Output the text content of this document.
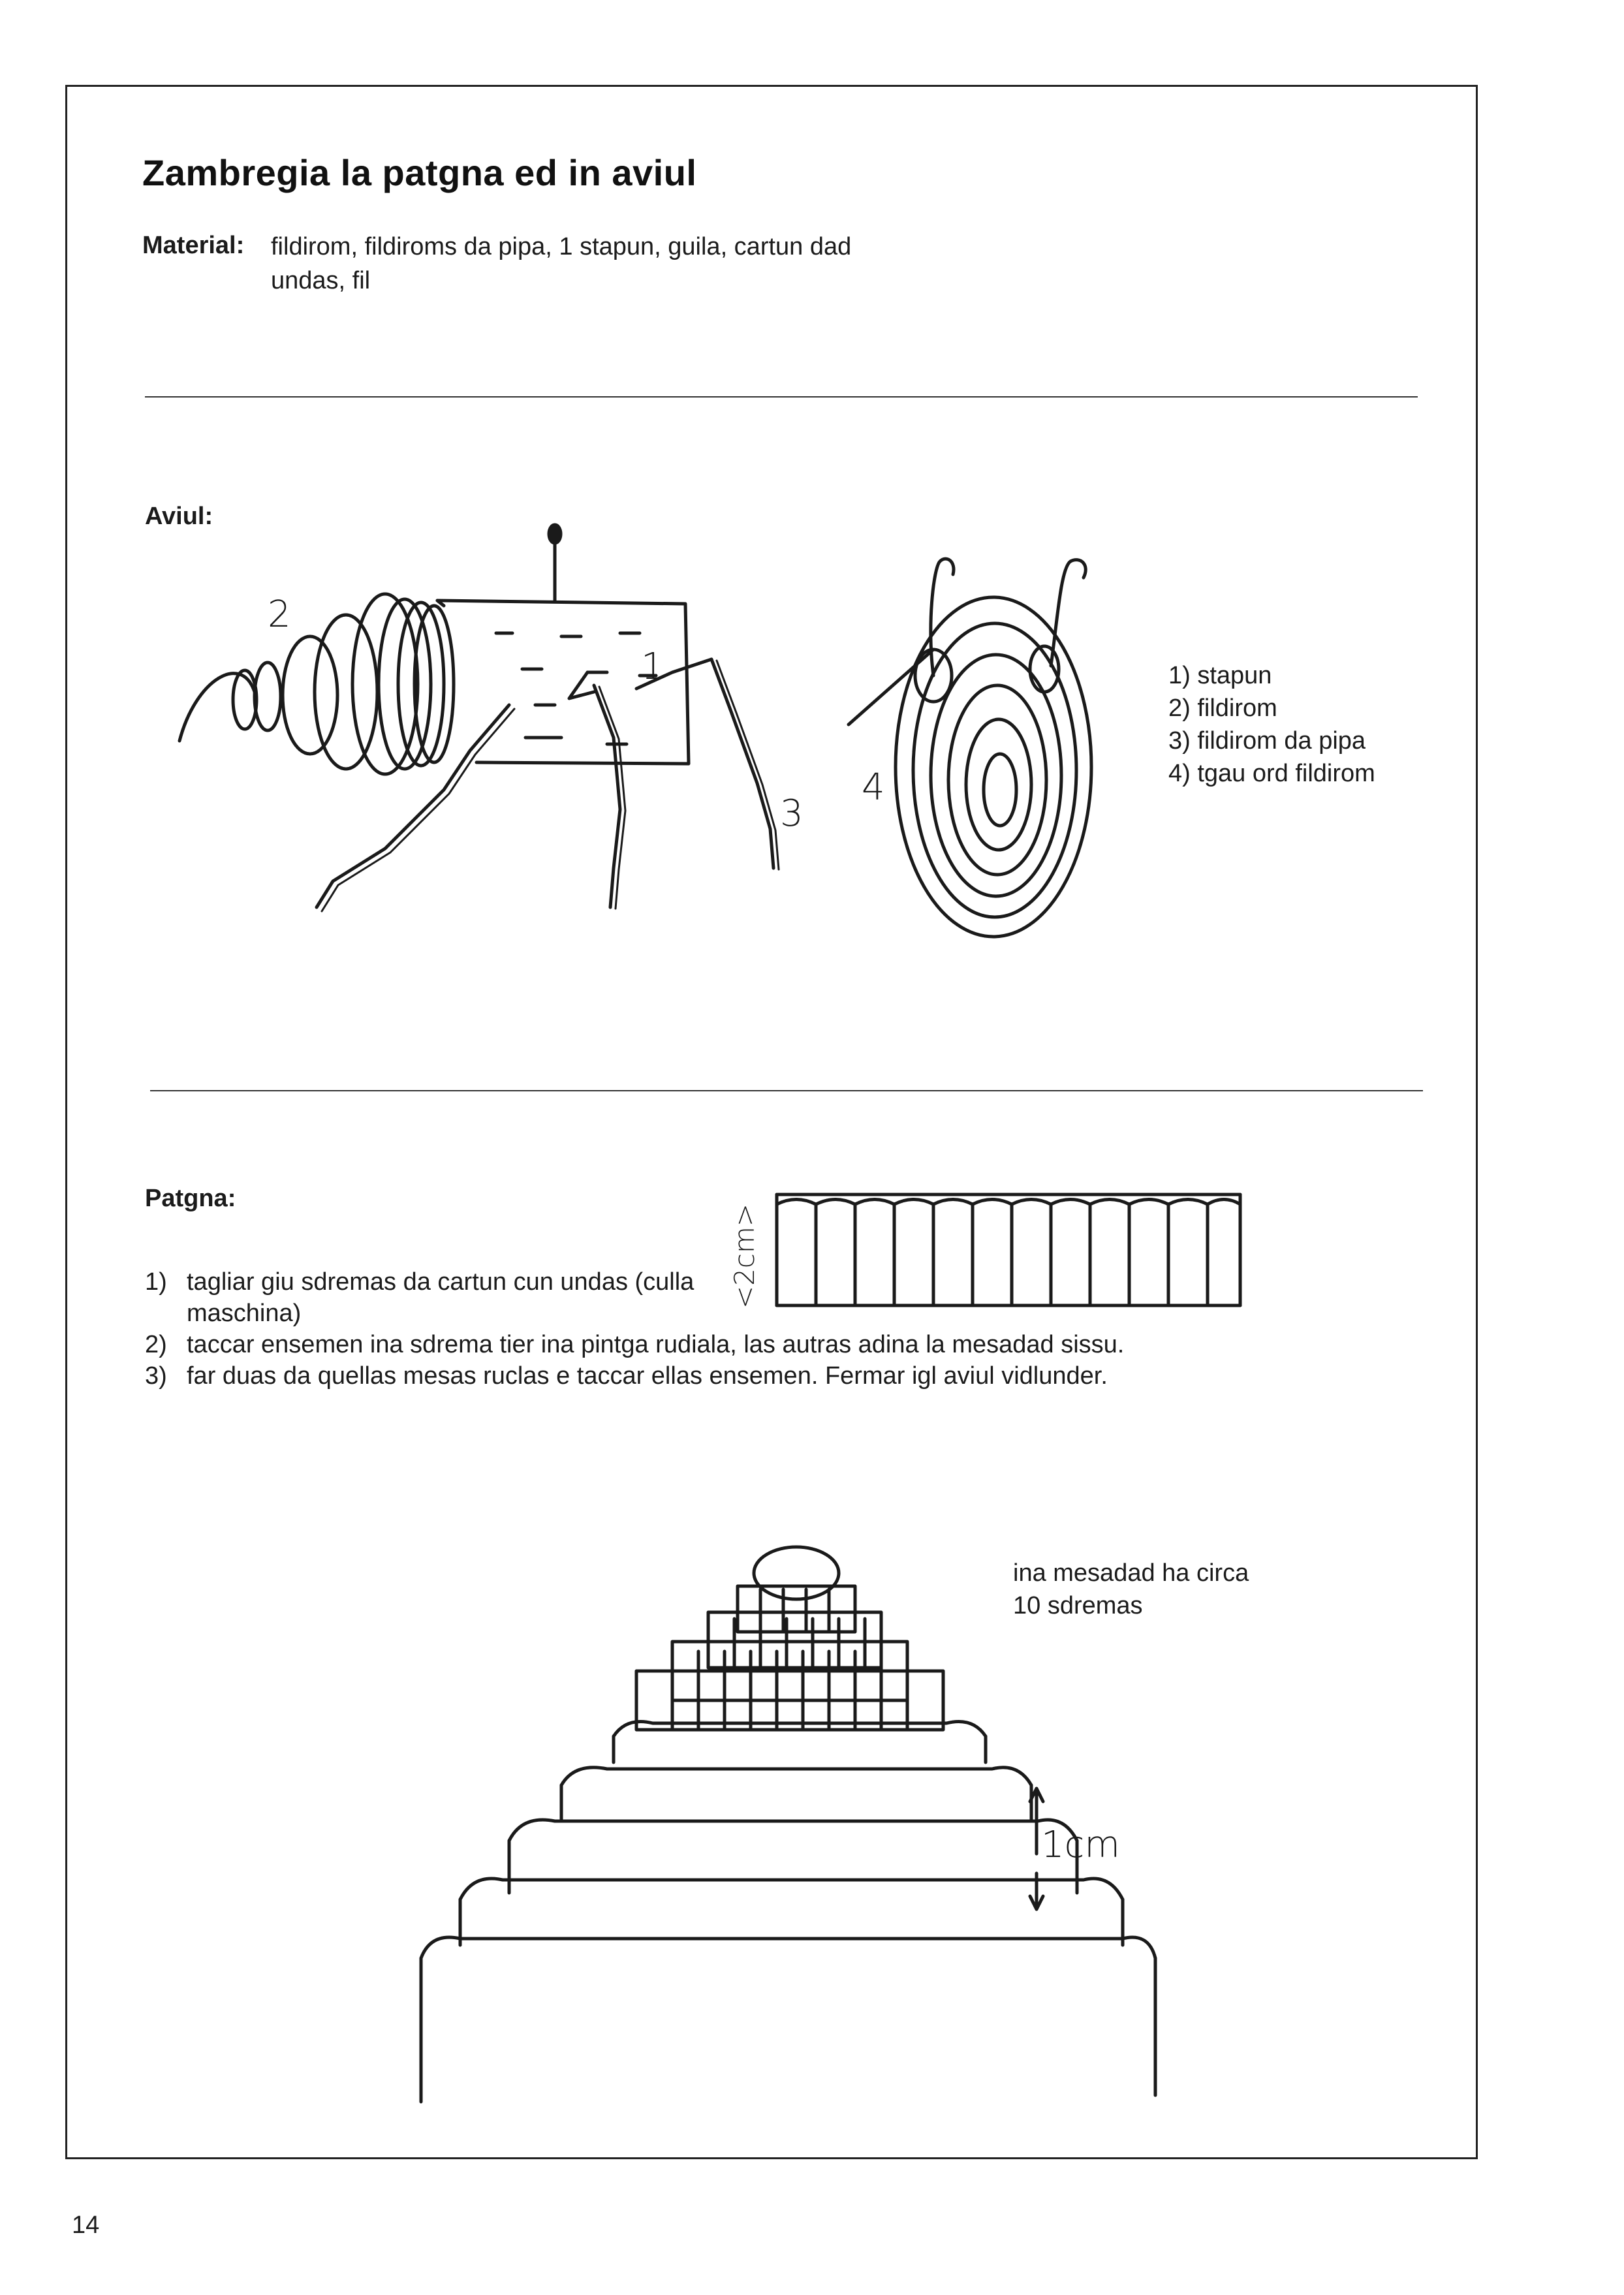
Zambregia la patgna ed in aviul
Material: fildirom, fildiroms da pipa, 1 stapun, guila, cartun dad undas, fil
Aviul:
2
1
3
4
1) stapun
2) fildirom
3) fildirom da pipa
4) tgau ord fildirom
Patgna:
<2cm>
1) tagliar giu sdremas da cartun cun undas (culla maschina)
2) taccar ensemen ina sdrema tier ina pintga rudiala, las autras adina la mesadad sissu.
3) far duas da quellas mesas ruclas e taccar ellas ensemen. Fermar igl aviul vidlunder.
1cm
ina mesadad ha circa 10 sdremas
14
